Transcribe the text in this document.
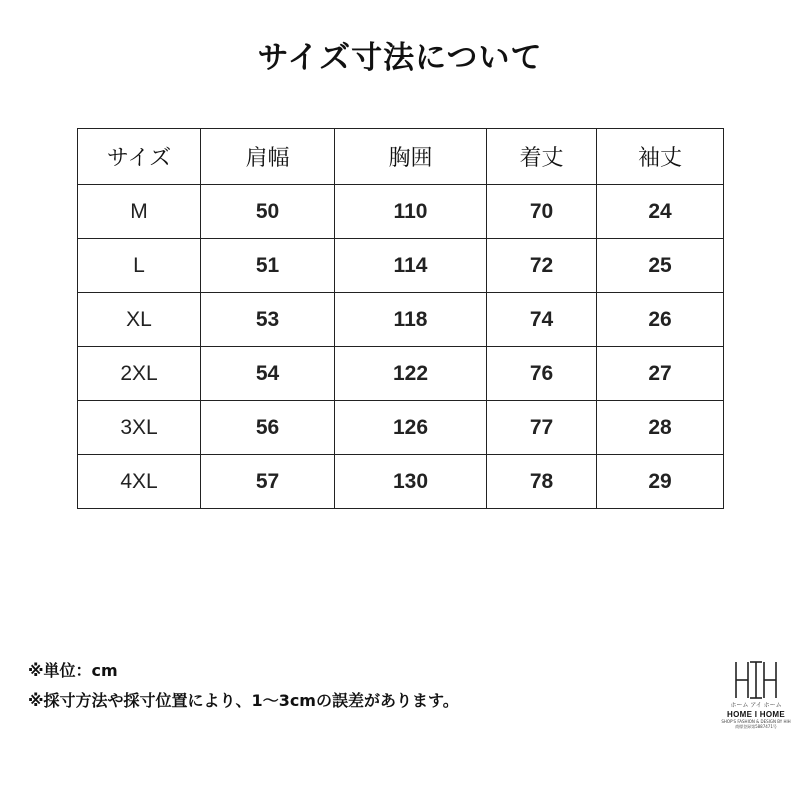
サイズ寸法について
サイズ	肩幅	胸囲	着丈	袖丈
M	50	110	70	24
L	51	114	72	25
XL	53	118	74	26
2XL	54	122	76	27
3XL	56	126	77	28
4XL	57	130	78	29
※単位：cm
※採寸方法や採寸位置により、1～3cmの誤差があります。	ホーム アイ ホーム
HOME I HOME
SHOP'S FASHION & DESIGN BY HIH
商標登録第5887471号
